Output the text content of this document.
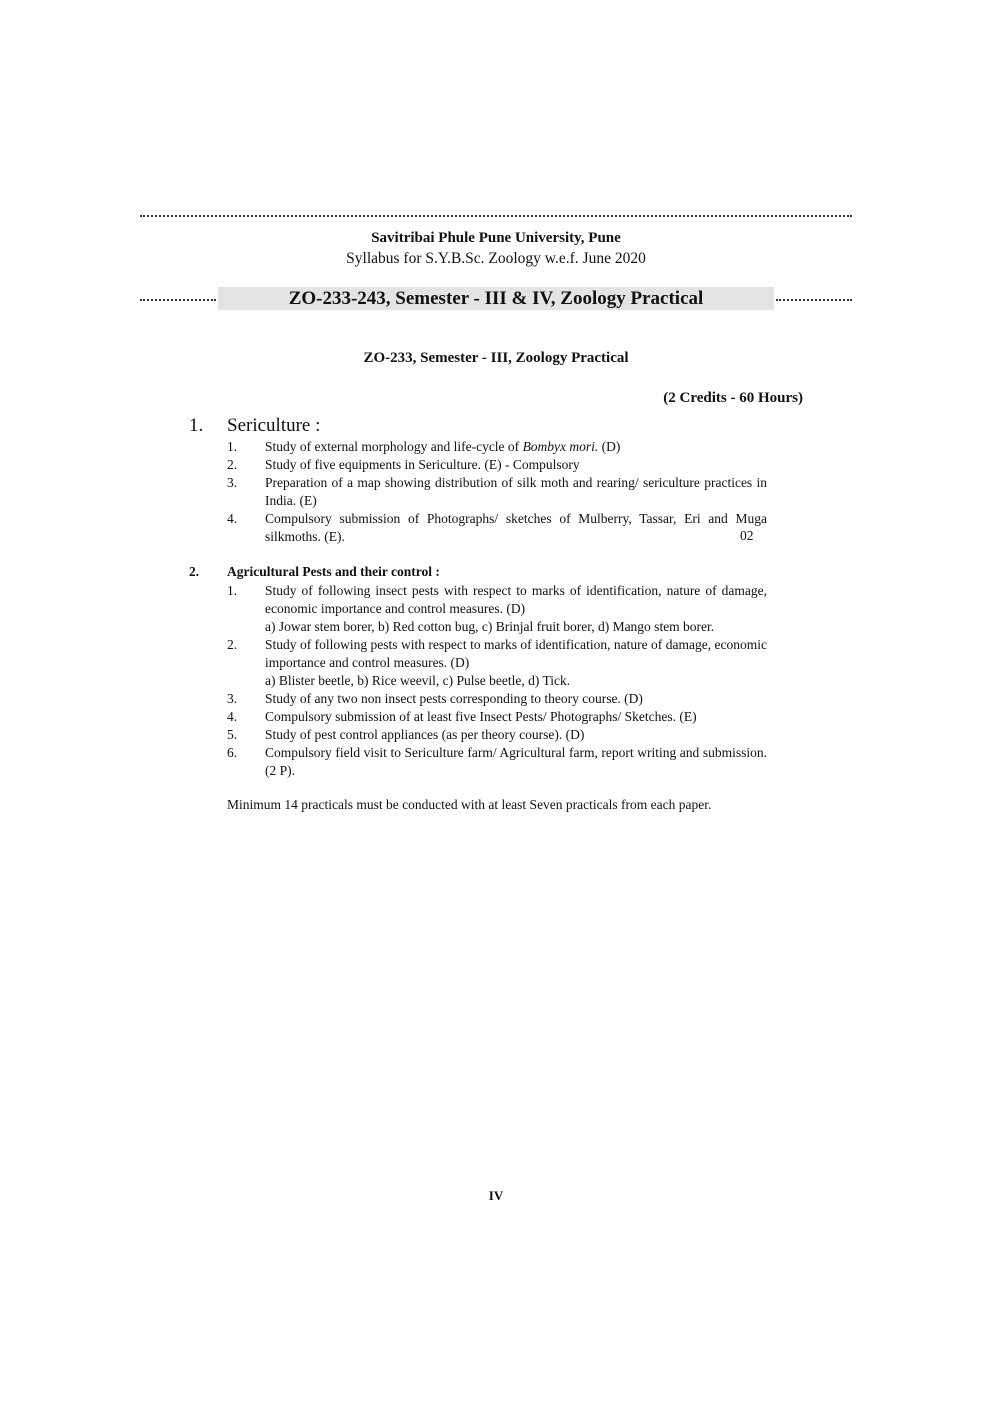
Savitribai Phule Pune University, Pune
Syllabus for S.Y.B.Sc. Zoology w.e.f. June 2020
ZO-233-243, Semester - III & IV, Zoology Practical
ZO-233, Semester - III, Zoology Practical
(2 Credits - 60 Hours)
1. Sericulture :
1. Study of external morphology and life-cycle of Bombyx mori. (D)
2. Study of five equipments in Sericulture. (E) - Compulsory
3. Preparation of a map showing distribution of silk moth and rearing/ sericulture practices in India. (E)
4. Compulsory submission of Photographs/ sketches of Mulberry, Tassar, Eri and Muga silkmoths. (E).	02
2. Agricultural Pests and their control :
1. Study of following insect pests with respect to marks of identification, nature of damage, economic importance and control measures. (D)
a) Jowar stem borer, b) Red cotton bug, c) Brinjal fruit borer, d) Mango stem borer.
2. Study of following pests with respect to marks of identification, nature of damage, economic importance and control measures. (D)
a) Blister beetle, b) Rice weevil, c) Pulse beetle, d) Tick.
3. Study of any two non insect pests corresponding to theory course. (D)
4. Compulsory submission of at least five Insect Pests/ Photographs/ Sketches. (E)
5. Study of pest control appliances (as per theory course). (D)
6. Compulsory field visit to Sericulture farm/ Agricultural farm, report writing and submission. (2 P).
Minimum 14 practicals must be conducted with at least Seven practicals from each paper.
IV
